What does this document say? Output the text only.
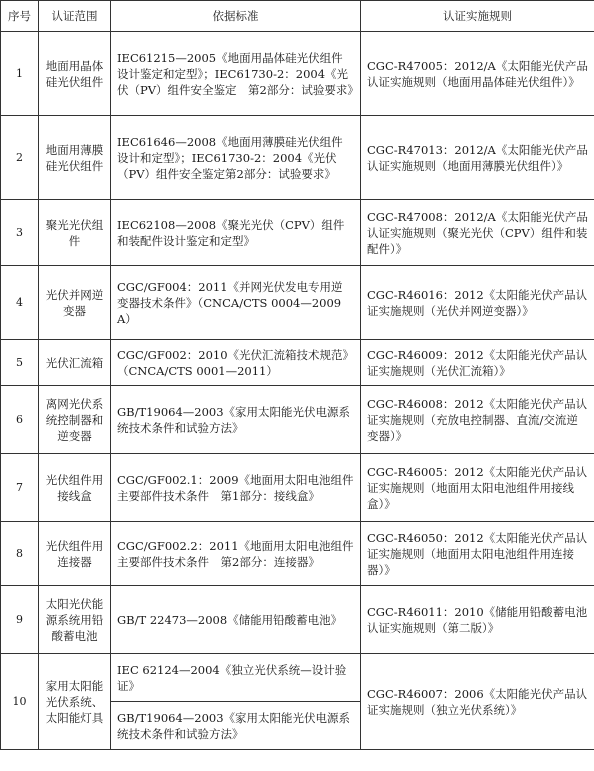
序号	认证范围	依据标准	认证实施规则
1	地面用晶体硅光伏组件	IEC61215—2005《地面用晶体硅光伏组件设计鉴定和定型》；IEC61730-2：2004《光伏（PV）组件安全鉴定　第2部分：试验要求》	CGC-R47005：2012/A《太阳能光伏产品认证实施规则（地面用晶体硅光伏组件）》
2	地面用薄膜硅光伏组件	IEC61646—2008《地面用薄膜硅光伏组件设计和定型》；IEC61730-2：2004《光伏（PV）组件安全鉴定第2部分：试验要求》	CGC-R47013：2012/A《太阳能光伏产品认证实施规则（地面用薄膜光伏组件）》
3	聚光光伏组件	IEC62108—2008《聚光光伏（CPV）组件和装配件设计鉴定和定型》	CGC-R47008：2012/A《太阳能光伏产品认证实施规则（聚光光伏（CPV）组件和装配件）》
4	光伏并网逆变器	CGC/GF004：2011《并网光伏发电专用逆变器技术条件》（CNCA/CTS 0004—2009A）	CGC-R46016：2012《太阳能光伏产品认证实施规则（光伏并网逆变器）》
5	光伏汇流箱	CGC/GF002：2010《光伏汇流箱技术规范》（CNCA/CTS 0001—2011）	CGC-R46009：2012《太阳能光伏产品认证实施规则（光伏汇流箱）》
6	离网光伏系统控制器和逆变器	GB/T19064—2003《家用太阳能光伏电源系统技术条件和试验方法》	CGC-R46008：2012《太阳能光伏产品认证实施规则（充放电控制器、直流/交流逆变器）》
7	光伏组件用接线盒	CGC/GF002.1：2009《地面用太阳电池组件主要部件技术条件　第1部分：接线盒》	CGC-R46005：2012《太阳能光伏产品认证实施规则（地面用太阳电池组件用接线盒）》
8	光伏组件用连接器	CGC/GF002.2：2011《地面用太阳电池组件主要部件技术条件　第2部分：连接器》	CGC-R46050：2012《太阳能光伏产品认证实施规则（地面用太阳电池组件用连接器）》
9	太阳光伏能源系统用铅酸蓄电池	GB/T 22473—2008《储能用铅酸蓄电池》	CGC-R46011：2010《储能用铅酸蓄电池认证实施规则（第二版）》
10	家用太阳能光伏系统、太阳能灯具	IEC 62124—2004《独立光伏系统—设计验证》	CGC-R46007：2006《太阳能光伏产品认证实施规则（独立光伏系统）》
		GB/T19064—2003《家用太阳能光伏电源系统技术条件和试验方法》	
